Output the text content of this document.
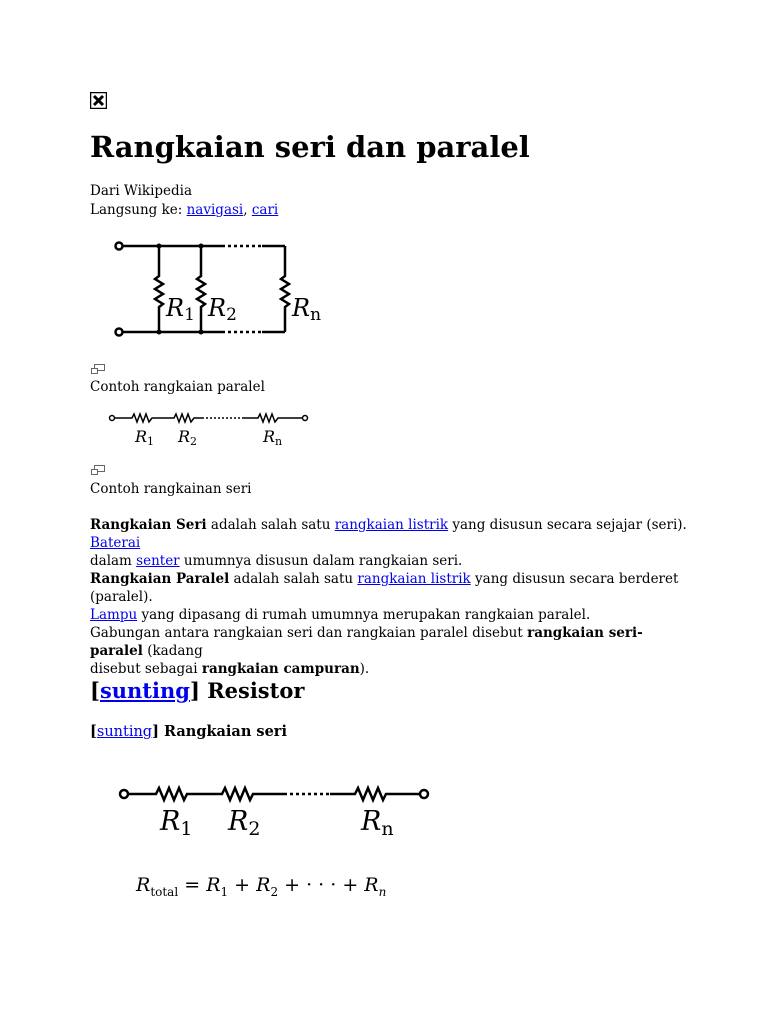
Rangkaian seri dan paralel
Dari Wikipedia
Langsung ke: navigasi, cari
R1 R2 Rn
Contoh rangkaian paralel
R1 R2	Rn
Contoh rangkainan seri
Rangkaian Seri adalah salah satu rangkaian listrik yang disusun secara sejajar (seri). Baterai
dalam senter umumnya disusun dalam rangkaian seri.
Rangkaian Paralel adalah salah satu rangkaian listrik yang disusun secara berderet (paralel).
Lampu yang dipasang di rumah umumnya merupakan rangkaian paralel.
Gabungan antara rangkaian seri dan rangkaian paralel disebut rangkaian seri-paralel (kadang
disebut sebagai rangkaian campuran).
[sunting] Resistor
[sunting] Rangkaian seri
R1 R2	Rn
$R_{total} = R_1 + R_2$ + · · · + $R_n$
